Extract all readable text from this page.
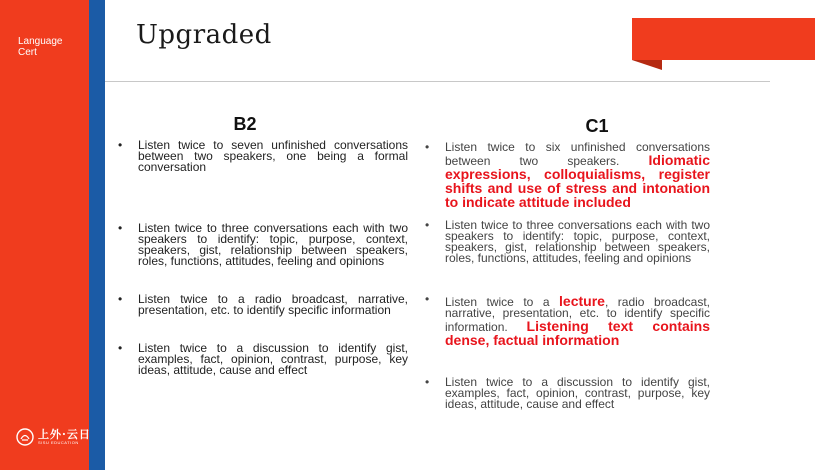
Language
Cert
上外·云日
SISU EDUCATION
Upgraded
B2	C1
• Listen twice to seven unfinished conversations between two speakers, one being a formal conversation
• Listen twice to three conversations each with two speakers to identify: topic, purpose, context, speakers, gist, relationship between speakers, roles, functions, attitudes, feeling and opinions
• Listen twice to a radio broadcast, narrative, presentation, etc. to identify specific information
• Listen twice to a discussion to identify gist, examples, fact, opinion, contrast, purpose, key ideas, attitude, cause and effect
• Listen twice to six unfinished conversations between two speakers. Idiomatic expressions, colloquialisms, register shifts and use of stress and intonation to indicate attitude included
• Listen twice to three conversations each with two speakers to identify: topic, purpose, context, speakers, gist, relationship between speakers, roles, functions, attitudes, feeling and opinions
• Listen twice to a lecture, radio broadcast, narrative, presentation, etc. to identify specific information. Listening text contains dense, factual information
• Listen twice to a discussion to identify gist, examples, fact, opinion, contrast, purpose, key ideas, attitude, cause and effect
